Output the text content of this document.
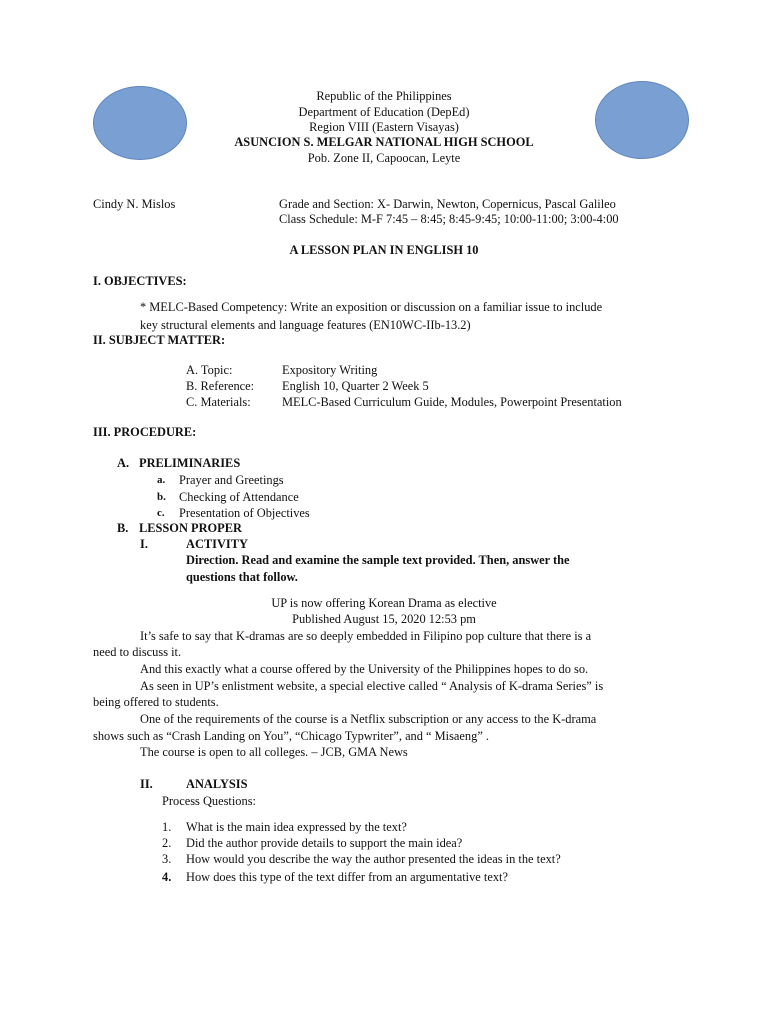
Republic of the Philippines
Department of Education (DepEd)
Region VIII (Eastern Visayas)
ASUNCION S. MELGAR NATIONAL HIGH SCHOOL
Pob. Zone II, Capoocan, Leyte
Cindy N. Mislos	Grade and Section: X- Darwin, Newton, Copernicus, Pascal Galileo
Class Schedule: M-F 7:45 – 8:45; 8:45-9:45; 10:00-11:00; 3:00-4:00
A LESSON PLAN IN ENGLISH 10
I. OBJECTIVES:
* MELC-Based Competency: Write an exposition or discussion on a familiar issue to include
key structural elements and language features (EN10WC-IIb-13.2)
II. SUBJECT MATTER:
A. Topic:	Expository Writing
B. Reference: English 10, Quarter 2 Week 5
C. Materials:	MELC-Based Curriculum Guide, Modules, Powerpoint Presentation
III. PROCEDURE:
A. PRELIMINARIES
a. Prayer and Greetings
b. Checking of Attendance
c. Presentation of Objectives
B. LESSON PROPER
I.	ACTIVITY
Direction. Read and examine the sample text provided. Then, answer the
questions that follow.
UP is now offering Korean Drama as elective
Published August 15, 2020 12:53 pm
It’s safe to say that K-dramas are so deeply embedded in Filipino pop culture that there is a
need to discuss it.
And this exactly what a course offered by the University of the Philippines hopes to do so.
As seen in UP’s enlistment website, a special elective called “ Analysis of K-drama Series” is
being offered to students.
One of the requirements of the course is a Netflix subscription or any access to the K-drama
shows such as “Crash Landing on You”, “Chicago Typwriter”, and “ Misaeng” .
The course is open to all colleges. – JCB, GMA News
II.	ANALYSIS
Process Questions:
1. What is the main idea expressed by the text?
2. Did the author provide details to support the main idea?
3. How would you describe the way the author presented the ideas in the text?
4. How does this type of the text differ from an argumentative text?
